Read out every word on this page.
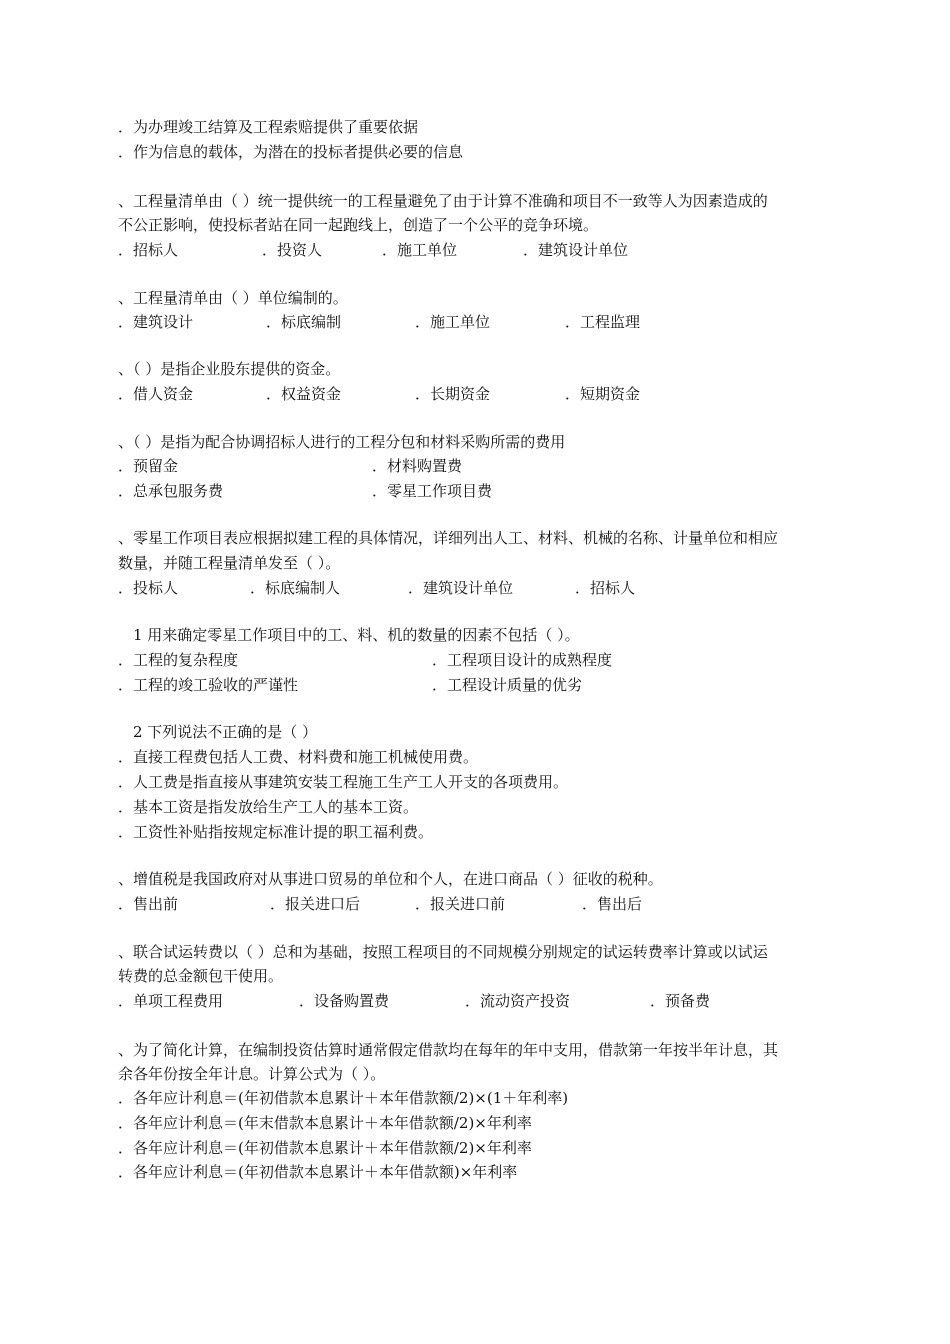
．为办理竣工结算及工程索赔提供了重要依据
．作为信息的载体，为潜在的投标者提供必要的信息
、工程量清单由（ ）统一提供统一的工程量避免了由于计算不准确和项目不一致等人为因素造成的
不公正影响，使投标者站在同一起跑线上，创造了一个公平的竞争环境。
．招标人	．投资人	．施工单位	．建筑设计单位
、工程量清单由（ ）单位编制的。
．建筑设计	．标底编制	．施工单位	．工程监理
、（ ）是指企业股东提供的资金。
．借人资金	．权益资金	．长期资金	．短期资金
、（ ）是指为配合协调招标人进行的工程分包和材料采购所需的费用
．预留金	．材料购置费
．总承包服务费	．零星工作项目费
、零星工作项目表应根据拟建工程的具体情况，详细列出人工、材料、机械的名称、计量单位和相应
数量，并随工程量清单发至（ ）。
．投标人	．标底编制人	．建筑设计单位	．招标人
1 用来确定零星工作项目中的工、料、机的数量的因素不包括（ ）。
．工程的复杂程度	．工程项目设计的成熟程度
．工程的竣工验收的严谨性	．工程设计质量的优劣
2 下列说法不正确的是（ ）
．直接工程费包括人工费、材料费和施工机械使用费。
．人工费是指直接从事建筑安装工程施工生产工人开支的各项费用。
．基本工资是指发放给生产工人的基本工资。
．工资性补贴指按规定标准计提的职工福利费。
、增值税是我国政府对从事进口贸易的单位和个人，在进口商品（ ）征收的税种。
．售出前	．报关进口后	．报关进口前	．售出后
、联合试运转费以（ ）总和为基础，按照工程项目的不同规模分别规定的试运转费率计算或以试运
转费的总金额包干使用。
．单项工程费用	．设备购置费	．流动资产投资	．预备费
、为了简化计算，在编制投资估算时通常假定借款均在每年的年中支用，借款第一年按半年计息，其
余各年份按全年计息。计算公式为（ ）。
．各年应计利息＝(年初借款本息累计＋本年借款额/2)×(1＋年利率)
．各年应计利息＝(年末借款本息累计＋本年借款额/2)×年利率
．各年应计利息＝(年初借款本息累计＋本年借款额/2)×年利率
．各年应计利息＝(年初借款本息累计＋本年借款额)×年利率
